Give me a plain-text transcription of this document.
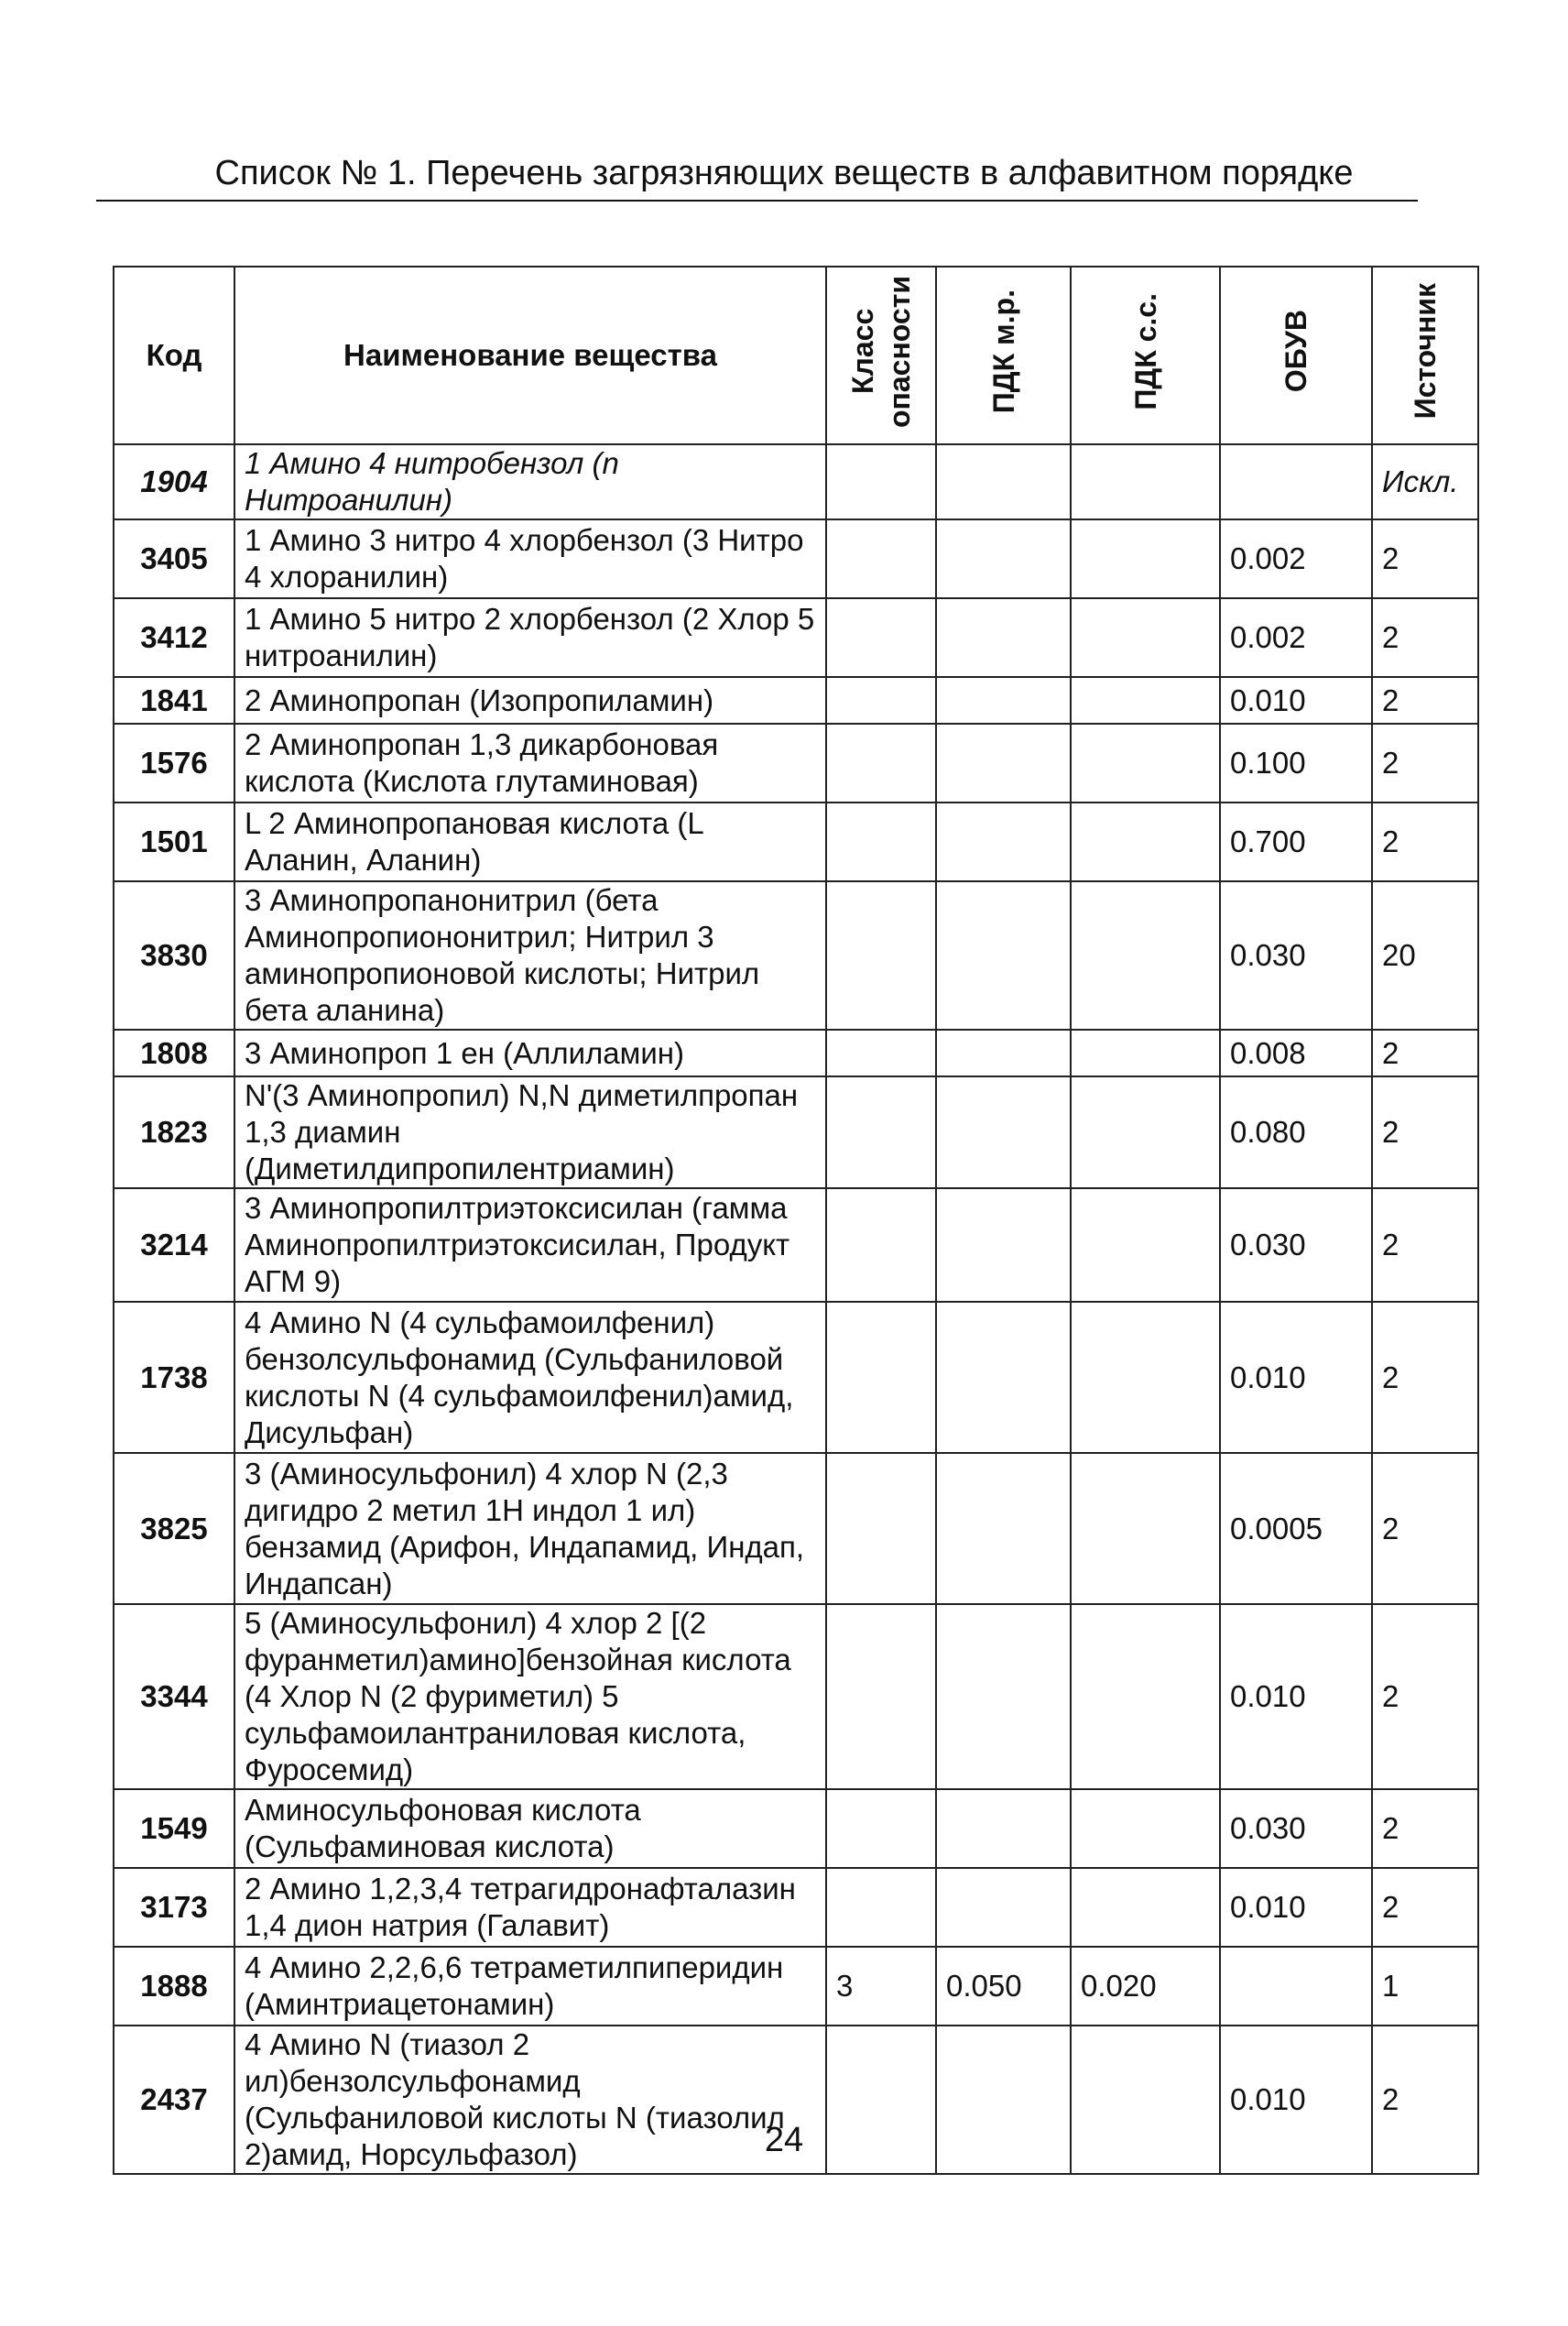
Список № 1. Перечень загрязняющих веществ в алфавитном порядке
Код	Наименование вещества	Класс опасности	ПДК м.р.	ПДК с.с.	ОБУВ	Источник
1904	1 Амино 4 нитробензол (n Нитроанилин)					Искл.
3405	1 Амино 3 нитро 4 хлорбензол (3 Нитро 4 хлоранилин)				0.002	2
3412	1 Амино 5 нитро 2 хлорбензол (2 Хлор 5 нитроанилин)				0.002	2
1841	2 Аминопропан (Изопропиламин)				0.010	2
1576	2 Аминопропан 1,3 дикарбоновая кислота (Кислота глутаминовая)				0.100	2
1501	L 2 Аминопропановая кислота (L Аланин, Аланин)				0.700	2
3830	3 Аминопропанонитрил (бета Аминопропиононитрил; Нитрил 3 аминопропионовой кислоты; Нитрил бета аланина)				0.030	20
1808	3 Аминопроп 1 ен (Аллиламин)				0.008	2
1823	N'(3 Аминопропил) N,N диметилпропан 1,3 диамин (Диметилдипропилентриамин)				0.080	2
3214	3 Аминопропилтриэтоксисилан (гамма Аминопропилтриэтоксисилан, Продукт АГМ 9)				0.030	2
1738	4 Амино N (4 сульфамоилфенил) бензолсульфонамид (Сульфаниловой кислоты N (4 сульфамоилфенил)амид, Дисульфан)				0.010	2
3825	3 (Аминосульфонил) 4 хлор N (2,3 дигидро 2 метил 1H индол 1 ил) бензамид (Арифон, Индапамид, Индап, Индапсан)				0.0005	2
3344	5 (Аминосульфонил) 4 хлор 2 [(2 фуранметил)амино]бензойная кислота (4 Хлор N (2 фуриметил) 5 сульфамоилантраниловая кислота, Фуросемид)				0.010	2
1549	Аминосульфоновая кислота (Сульфаминовая кислота)				0.030	2
3173	2 Амино 1,2,3,4 тетрагидронафталазин 1,4 дион натрия (Галавит)				0.010	2
1888	4 Амино 2,2,6,6 тетраметилпиперидин (Аминтриацетонамин)	3	0.050	0.020		1
2437	4 Амино N (тиазол 2 ил)бензолсульфонамид (Сульфаниловой кислоты N (тиазолил 2)амид, Норсульфазол)				0.010	2
24
